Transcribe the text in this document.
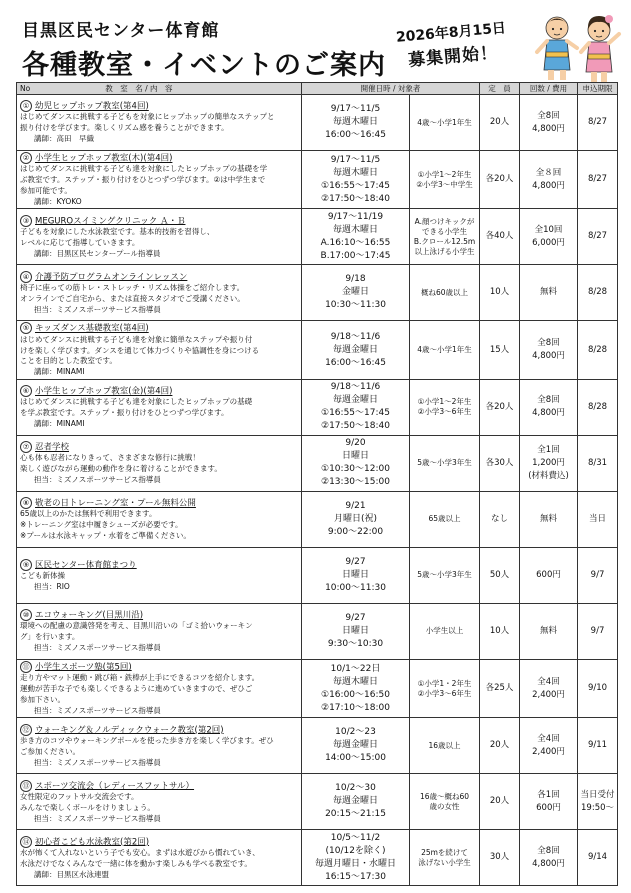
目黒区民センター体育館
各種教室・イベントのご案内
2026年8月15日
募集開始！
No　　　　　　　　　　 教　室　名 / 内　容	開催日時 / 対象者		定　員	回数 / 費用	申込期限

① 幼児ヒップホップ教室(第4回)
はじめてダンスに挑戦する子どもを対象にヒップホップの簡単なステップと
振り付けを学びます。楽しくリズム感を養うことができます。
講師：高田　早織	9/17～11/5
毎週木曜日
16:00～16:45	4歳～小学1年生	20人	全8回
4,800円	8/27

② 小学生ヒップホップ教室(木)(第4回)
はじめてダンスに挑戦する子ども達を対象にしたヒップホップの基礎を学
ぶ教室です。ステップ・振り付けをひとつずつ学びます。②は中学生まで
参加可能です。
講師：KYOKO	9/17～11/5
毎週木曜日
①16:55～17:45
②17:50～18:40	①小学1～2年生
②小学3～中学生	各20人	全８回
4,800円	8/27

③ MEGUROスイミングクリニック Ａ・Ｂ
子どもを対象にした水泳教室です。基本的技術を習得し、
レベルに応じて指導していきます。
講師：目黒区民センタープール指導員	9/17～11/19
毎週木曜日
A.16:10～16:55
B.17:00～17:45	A.顔つけキックが
できる小学生
B.クロール12.5m
以上泳げる小学生	各40人	全10回
6,000円	8/27

④ 介護予防プログラムオンラインレッスン
椅子に座っての筋トレ・ストレッチ・リズム体操をご紹介します。
オンラインでご自宅から、または直接スタジオでご受講ください。
担当：ミズノスポーツサービス指導員	9/18
金曜日
10:30～11:30	概ね60歳以上	10人	無料	8/28

⑤ キッズダンス基礎教室(第4回)
はじめてダンスに挑戦する子ども達を対象に簡単なステップや振り付
けを楽しく学びます。ダンスを通じて体力づくりや協調性を身につける
ことを目的とした教室です。
講師：MINAMI	9/18～11/6
毎週金曜日
16:00～16:45	4歳～小学1年生	15人	全8回
4,800円	8/28

⑥ 小学生ヒップホップ教室(金)(第4回)
はじめてダンスに挑戦する子ども達を対象にしたヒップホップの基礎
を学ぶ教室です。ステップ・振り付けをひとつずつ学びます。
講師：MINAMI	9/18～11/6
毎週金曜日
①16:55～17:45
②17:50～18:40	①小学1～2年生
②小学3～6年生	各20人	全8回
4,800円	8/28

⑦ 忍者学校
心も体も忍者になりきって、さまざまな修行に挑戦！
楽しく遊びながら運動の動作を身に着けることができます。
担当：ミズノスポーツサービス指導員	9/20
日曜日
①10:30～12:00
②13:30～15:00	5歳～小学3年生	各30人	全1回
1,200円
(材料費込)	8/31

⑧ 敬老の日トレーニング室・プール無料公開
65歳以上のかたは無料で利用できます。
※トレーニング室は中履きシューズが必要です。
※プールは水泳キャップ・水着をご準備ください。	9/21
月曜日(祝)
9:00～22:00	65歳以上	なし	無料	当日

⑨ 区民センター体育館まつり
こども新体操
担当：RIO	9/27
日曜日
10:00～11:30	5歳～小学3年生	50人	600円	9/7

⑩ エコウォーキング(目黒川沿)
環境への配慮の意識啓発を考え、目黒川沿いの「ゴミ拾いウォーキン
グ」を行います。
担当：ミズノスポーツサービス指導員	9/27
日曜日
9:30～10:30	小学生以上	10人	無料	9/7

⑪ 小学生スポーツ塾(第5回)
走り方やマット運動・跳び箱・鉄棒が上手にできるコツを紹介します。
運動が苦手な子でも楽しくできるように進めていきますので、ぜひご
参加下さい。
担当：ミズノスポーツサービス指導員	10/1～22日
毎週木曜日
①16:00～16:50
②17:10～18:00	①小学1・2年生
②小学3～6年生	各25人	全4回
2,400円	9/10

⑫ ウォーキング＆ノルディックウォーク教室(第2回)
歩き方のコツやウォーキングポールを使った歩き方を楽しく学びます。ぜひ
ご参加ください。
担当：ミズノスポーツサービス指導員	10/2～23
毎週金曜日
14:00～15:00	16歳以上	20人	全4回
2,400円	9/11

⑬ スポーツ交流会（レディースフットサル）
女性限定のフットサル交流会です。
みんなで楽しくボールをけりましょう。
担当：ミズノスポーツサービス指導員	10/2～30
毎週金曜日
20:15～21:15	16歳～概ね60
歳の女性	20人	各1回
600円	当日受付 19:50～

⑭ 初心者こども水泳教室(第2回)
水が怖くて入れないという子でも安心。まずは水遊びから慣れていき、
水泳だけでなくみんなで一緒に体を動かす楽しみも学べる教室です。
講師：目黒区水泳連盟	10/5～11/2
(10/12を除く)
毎週月曜日・水曜日
16:15～17:30	25mを続けて
泳げない小学生	30人	全8回
4,800円	9/14
